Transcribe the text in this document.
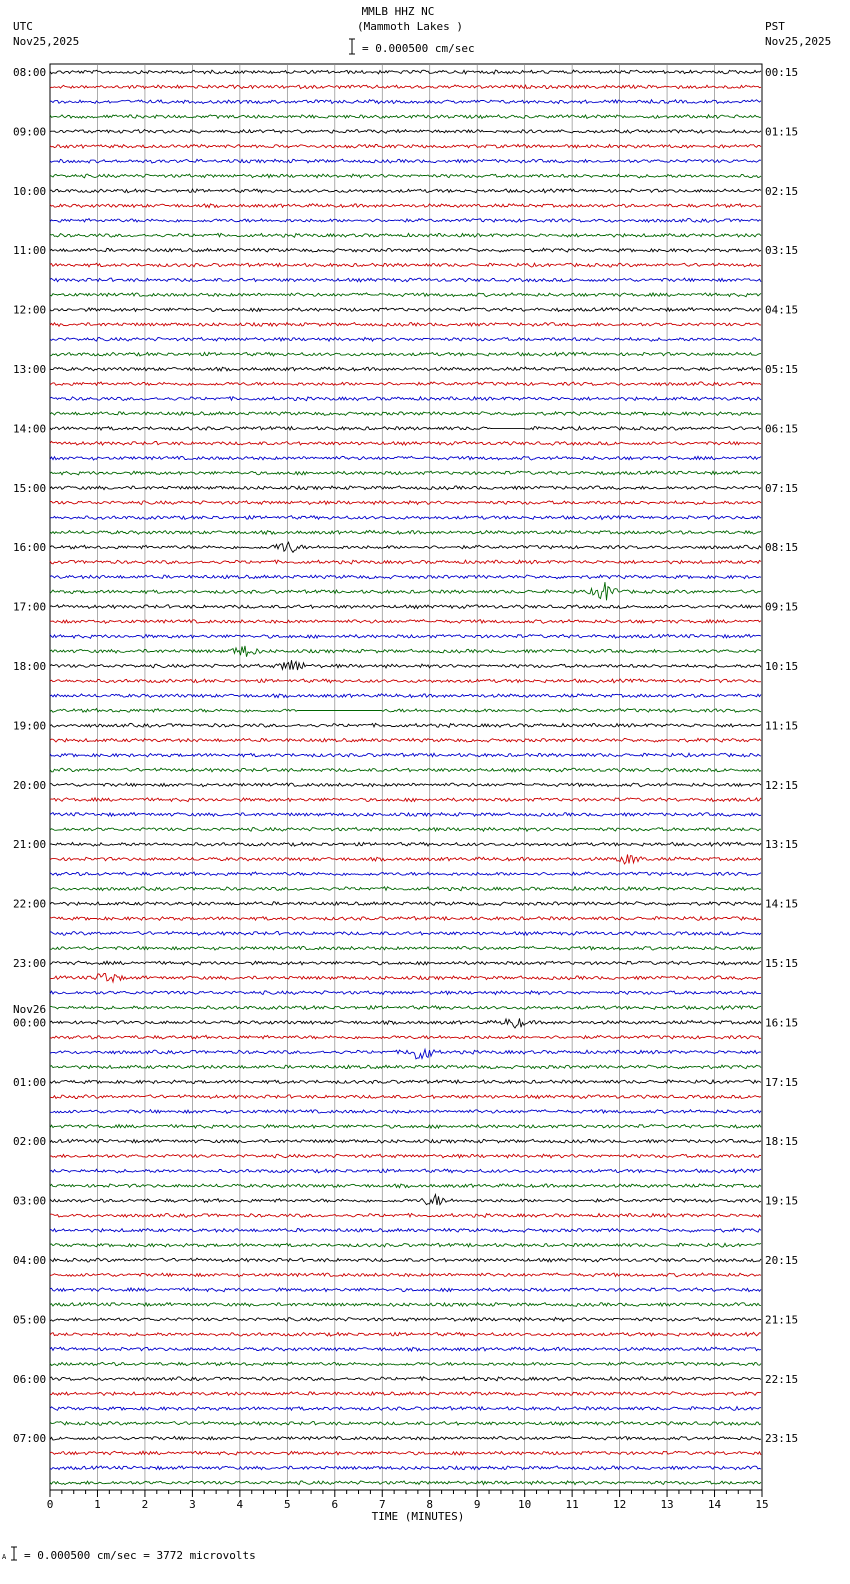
MMLB HHZ NC
(Mammoth Lakes )
= 0.000500 cm/sec
UTC
Nov25,2025
PST
Nov25,2025
08:00
09:00
10:00
11:00
12:00
13:00
14:00
15:00
16:00
17:00
18:00
19:00
20:00
21:00
22:00
23:00
00:00
01:00
02:00
03:00
04:00
05:00
06:00
07:00
00:15
01:15
02:15
03:15
04:15
05:15
06:15
07:15
08:15
09:15
10:15
11:15
12:15
13:15
14:15
15:15
16:15
17:15
18:15
19:15
20:15
21:15
22:15
23:15
Nov26
0	1	2	3	4	5	6	7	8	9	10	11	12	13	14	15
TIME (MINUTES)
A = 0.000500 cm/sec = 3772 microvolts
